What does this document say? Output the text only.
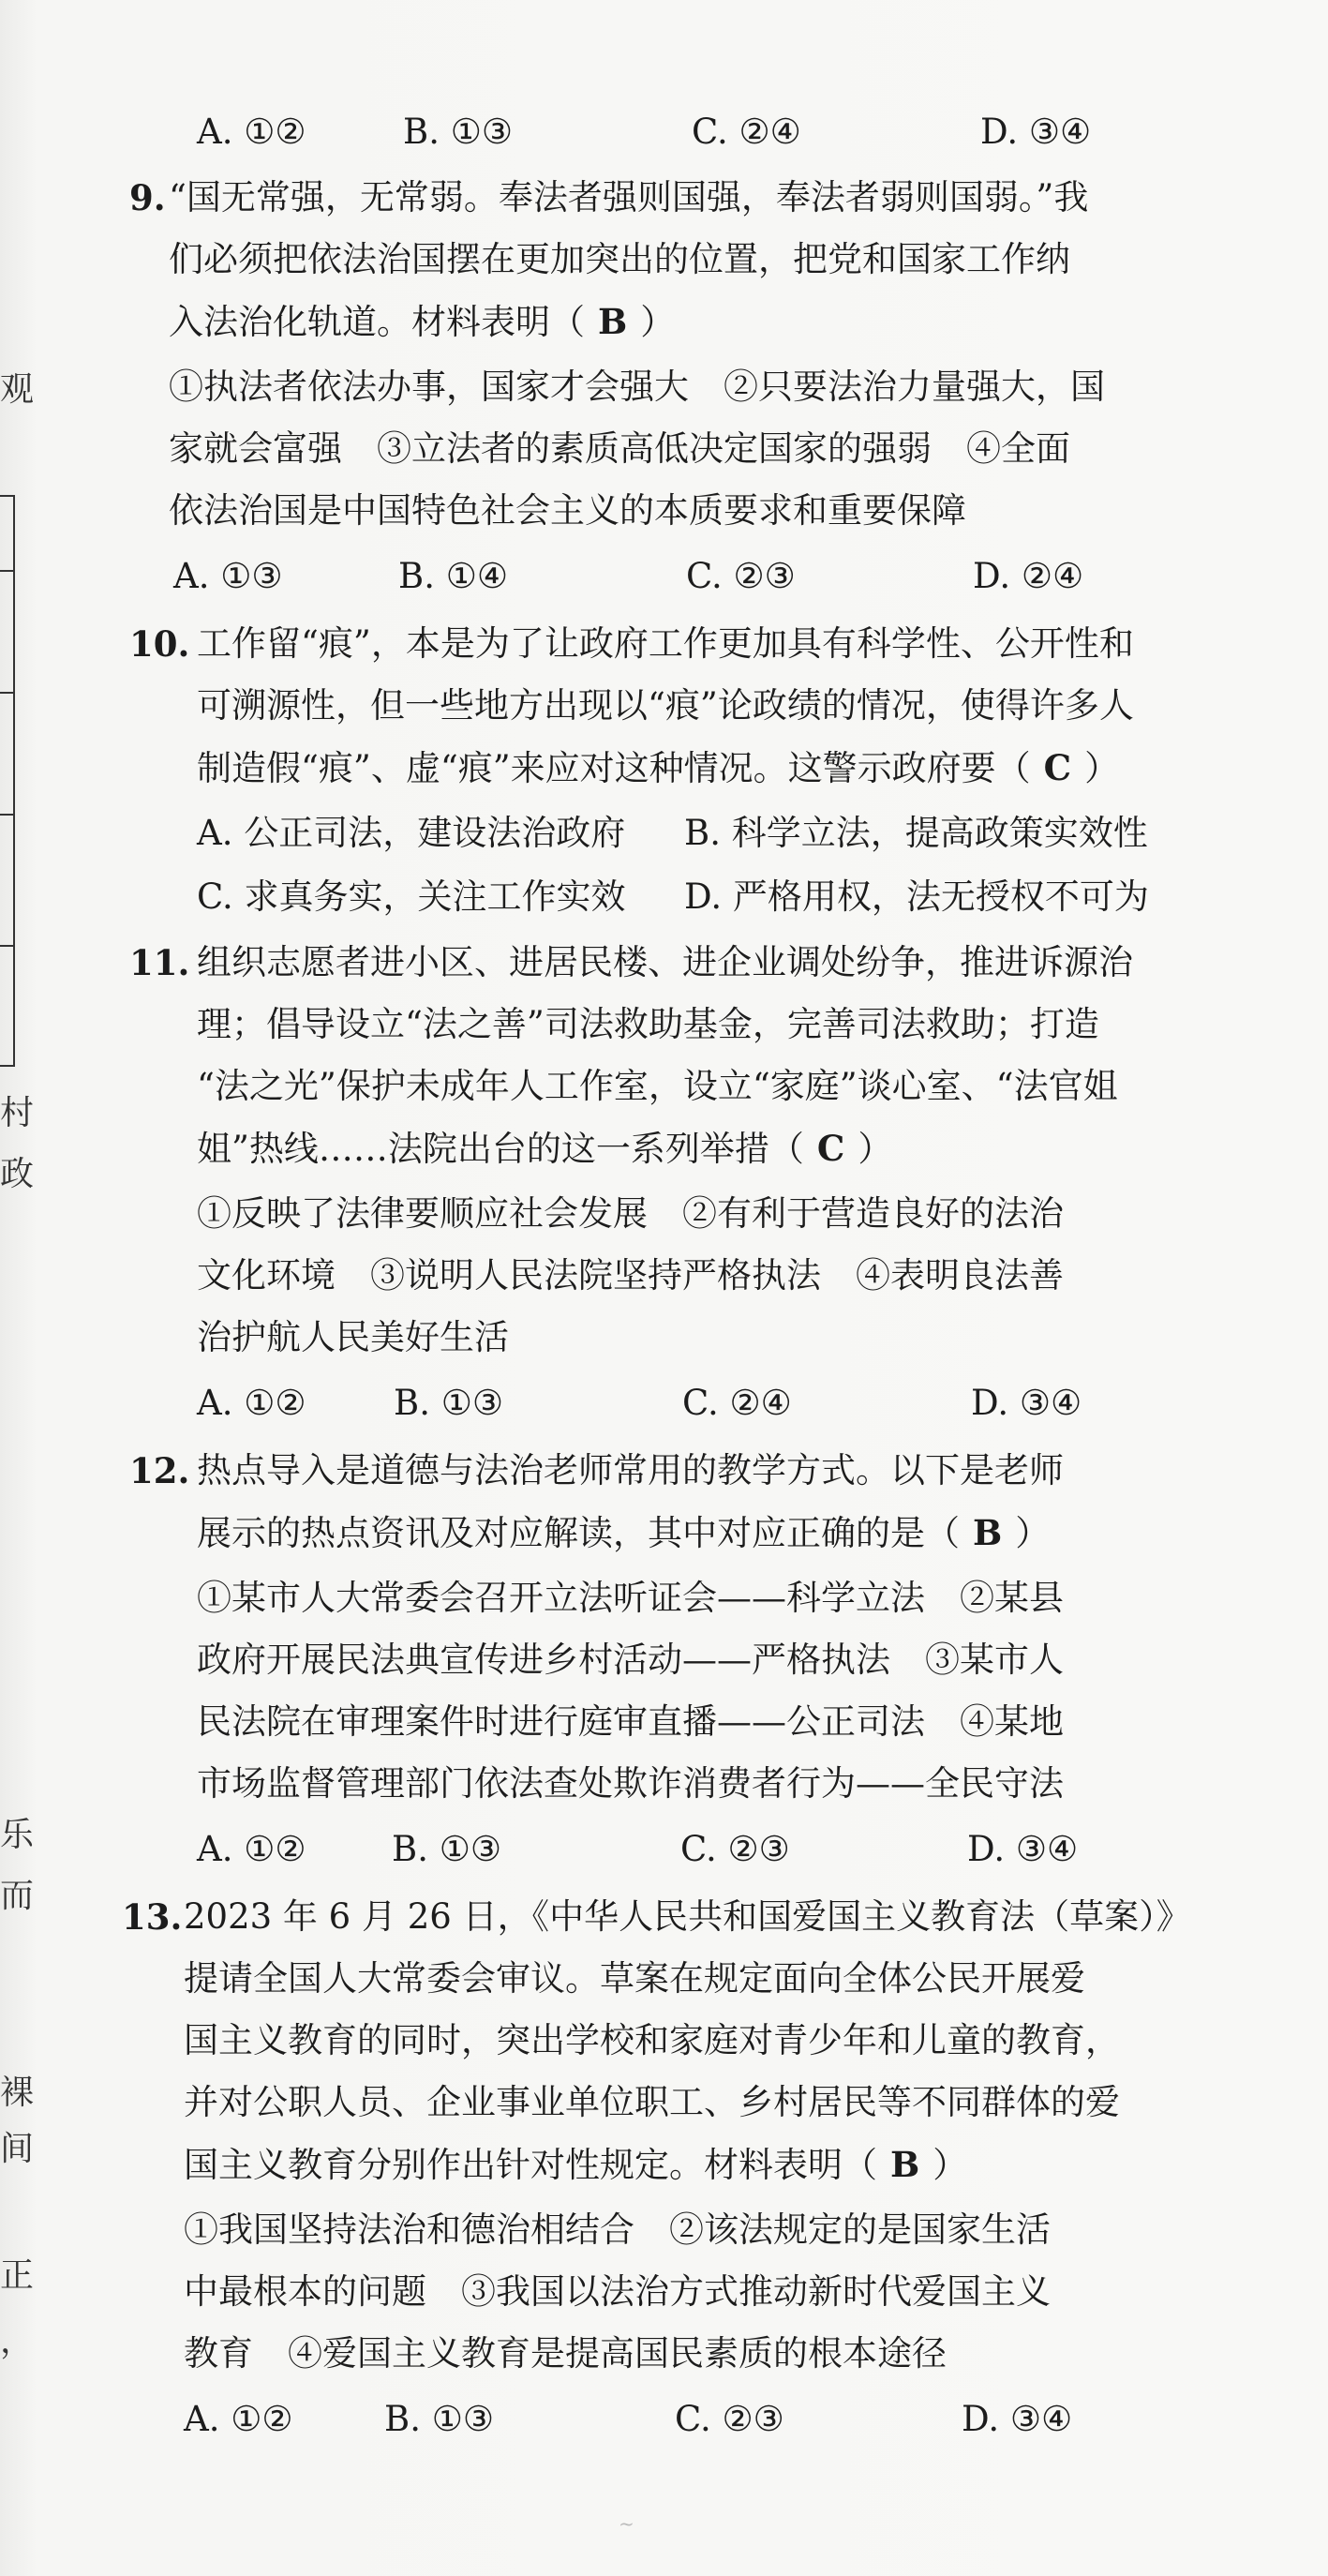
观
村
政
乐
而
裸
间
正
，
A. ①②	B. ①③	C. ②④	D. ③④
9. “国无常强，无常弱。奉法者强则国强，奉法者弱则国弱。”我
们必须把依法治国摆在更加突出的位置，把党和国家工作纳
入法治化轨道。材料表明（ B ）
①执法者依法办事，国家才会强大　②只要法治力量强大，国
家就会富强　③立法者的素质高低决定国家的强弱　④全面
依法治国是中国特色社会主义的本质要求和重要保障
A. ①③	B. ①④	C. ②③	D. ②④
10. 工作留“痕”，本是为了让政府工作更加具有科学性、公开性和
可溯源性，但一些地方出现以“痕”论政绩的情况，使得许多人
制造假“痕”、虚“痕”来应对这种情况。这警示政府要（ C ）
A. 公正司法，建设法治政府 B. 科学立法，提高政策实效性
C. 求真务实，关注工作实效 D. 严格用权，法无授权不可为
11. 组织志愿者进小区、进居民楼、进企业调处纷争，推进诉源治
理；倡导设立“法之善”司法救助基金，完善司法救助；打造
“法之光”保护未成年人工作室，设立“家庭”谈心室、“法官姐
姐”热线……法院出台的这一系列举措（ C ）
①反映了法律要顺应社会发展　②有利于营造良好的法治
文化环境　③说明人民法院坚持严格执法　④表明良法善
治护航人民美好生活
A. ①②	B. ①③	C. ②④	D. ③④
12. 热点导入是道德与法治老师常用的教学方式。以下是老师
展示的热点资讯及对应解读，其中对应正确的是（ B ）
①某市人大常委会召开立法听证会——科学立法　②某县
政府开展民法典宣传进乡村活动——严格执法　③某市人
民法院在审理案件时进行庭审直播——公正司法　④某地
市场监督管理部门依法查处欺诈消费者行为——全民守法
A. ①② B. ①③	C. ②③	D. ③④
13. 2023 年 6 月 26 日，《中华人民共和国爱国主义教育法（草案）》
提请全国人大常委会审议。草案在规定面向全体公民开展爱
国主义教育的同时，突出学校和家庭对青少年和儿童的教育，
并对公职人员、企业事业单位职工、乡村居民等不同群体的爱
国主义教育分别作出针对性规定。材料表明（ B ）
①我国坚持法治和德治相结合　②该法规定的是国家生活
中最根本的问题　③我国以法治方式推动新时代爱国主义
教育　④爱国主义教育是提高国民素质的根本途径
A. ①②	B. ①③	C. ②③	D. ③④
~
